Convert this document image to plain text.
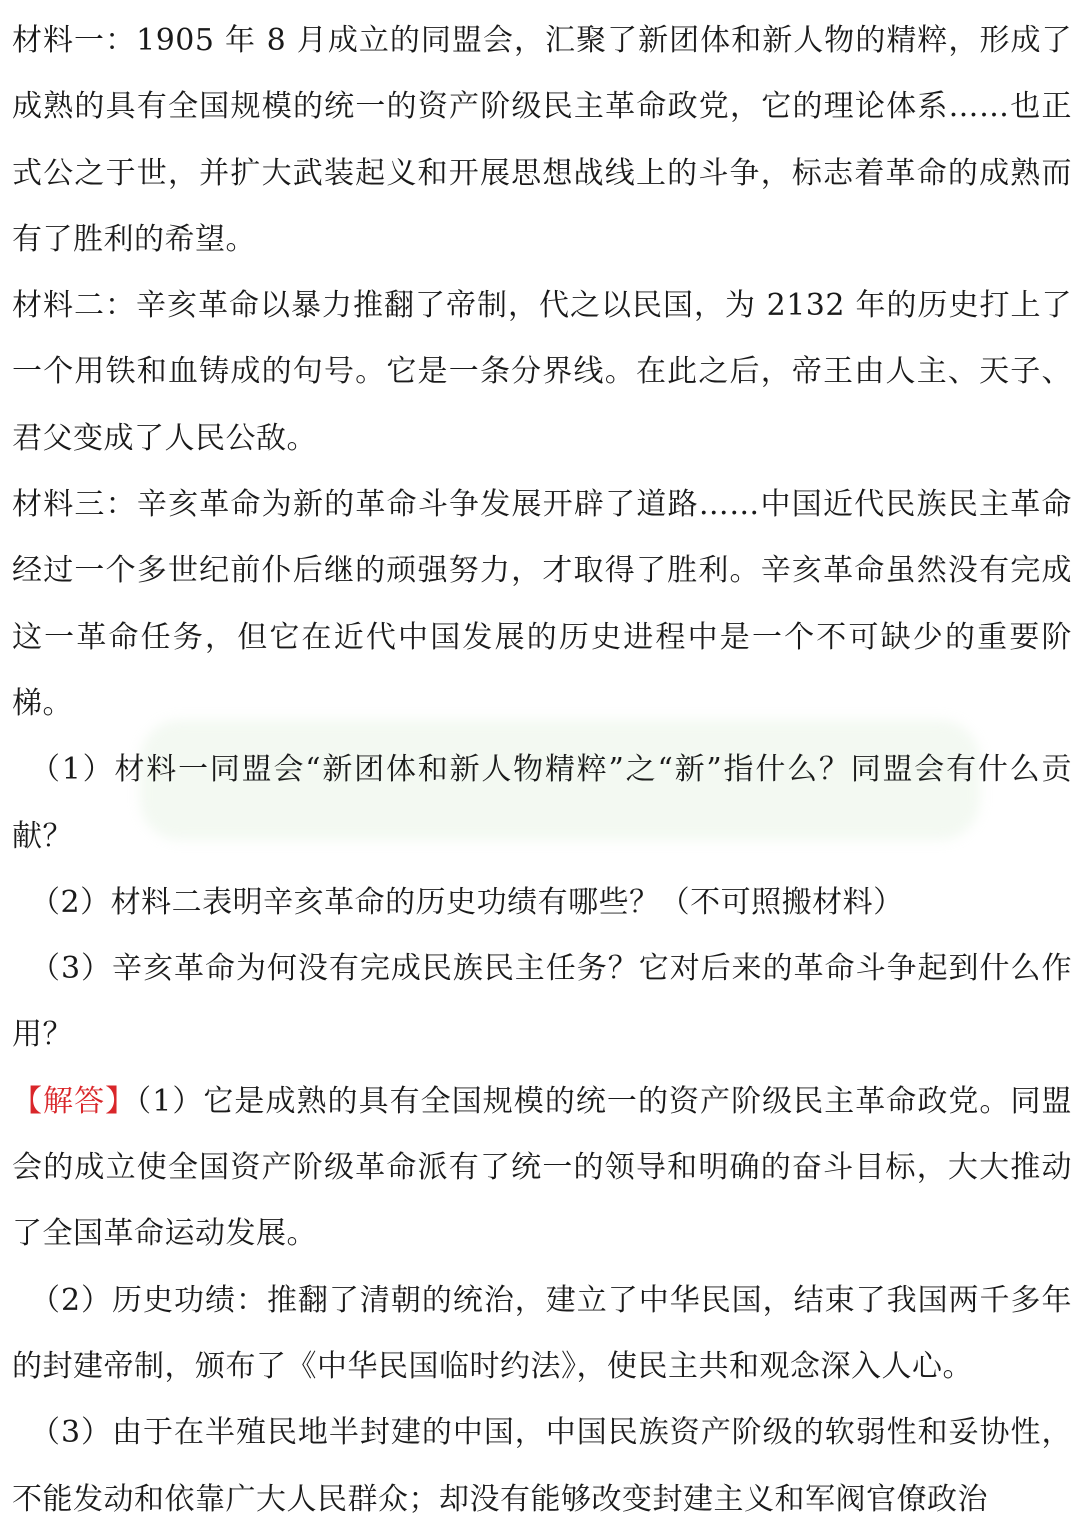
材料一：1905 年 8 月成立的同盟会，汇聚了新团体和新人物的精粹，形成了成熟的具有全国规模的统一的资产阶级民主革命政党，它的理论体系……也正式公之于世，并扩大武装起义和开展思想战线上的斗争，标志着革命的成熟而有了胜利的希望。

材料二：辛亥革命以暴力推翻了帝制，代之以民国，为 2132 年的历史打上了一个用铁和血铸成的句号。它是一条分界线。在此之后，帝王由人主、天子、君父变成了人民公敌。

材料三：辛亥革命为新的革命斗争发展开辟了道路……中国近代民族民主革命经过一个多世纪前仆后继的顽强努力，才取得了胜利。辛亥革命虽然没有完成这一革命任务，但它在近代中国发展的历史进程中是一个不可缺少的重要阶梯。

（1）材料一同盟会“新团体和新人物精粹”之“新”指什么？同盟会有什么贡献？

（2）材料二表明辛亥革命的历史功绩有哪些？（不可照搬材料）

（3）辛亥革命为何没有完成民族民主任务？它对后来的革命斗争起到什么作用？

【解答】（1）它是成熟的具有全国规模的统一的资产阶级民主革命政党。同盟会的成立使全国资产阶级革命派有了统一的领导和明确的奋斗目标，大大推动了全国革命运动发展。

（2）历史功绩：推翻了清朝的统治，建立了中华民国，结束了我国两千多年的封建帝制，颁布了《中华民国临时约法》，使民主共和观念深入人心。

（3）由于在半殖民地半封建的中国，中国民族资产阶级的软弱性和妥协性，不能发动和依靠广大人民群众；却没有能够改变封建主义和军阀官僚政治
